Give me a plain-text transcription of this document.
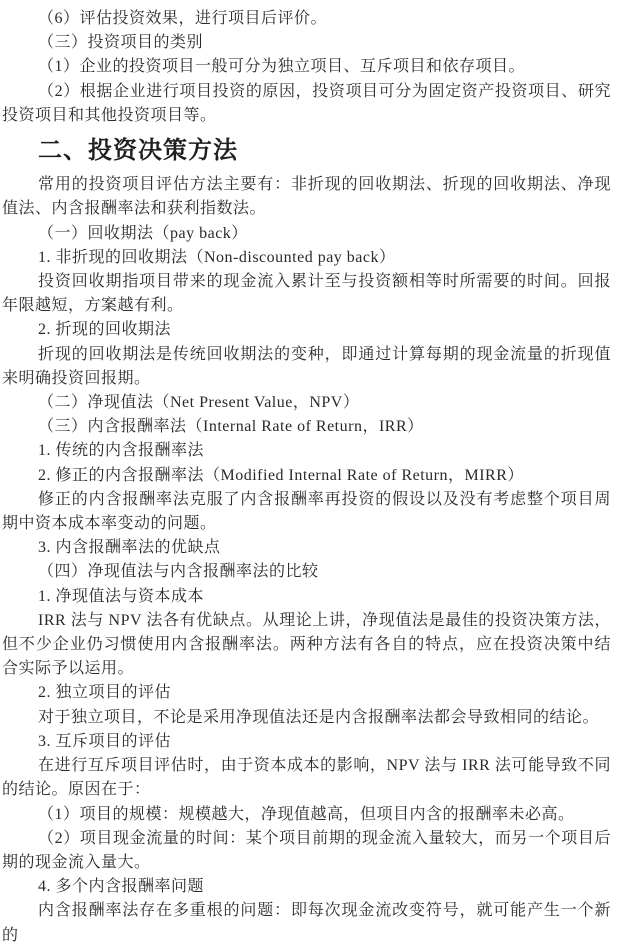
（6）评估投资效果，进行项目后评价。

（三）投资项目的类别

（1）企业的投资项目一般可分为独立项目、互斥项目和依存项目。

（2）根据企业进行项目投资的原因，投资项目可分为固定资产投资项目、研究投资项目和其他投资项目等。

二、投资决策方法

常用的投资项目评估方法主要有：非折现的回收期法、折现的回收期法、净现值法、内含报酬率法和获利指数法。

（一）回收期法（pay back）

1. 非折现的回收期法（Non-discounted pay back）

投资回收期指项目带来的现金流入累计至与投资额相等时所需要的时间。回报年限越短，方案越有利。

2. 折现的回收期法

折现的回收期法是传统回收期法的变种，即通过计算每期的现金流量的折现值来明确投资回报期。

（二）净现值法（Net Present Value，NPV）

（三）内含报酬率法（Internal Rate of Return，IRR）

1. 传统的内含报酬率法

2. 修正的内含报酬率法（Modified Internal Rate of Return，MIRR）

修正的内含报酬率法克服了内含报酬率再投资的假设以及没有考虑整个项目周期中资本成本率变动的问题。

3. 内含报酬率法的优缺点

（四）净现值法与内含报酬率法的比较

1. 净现值法与资本成本

IRR 法与 NPV 法各有优缺点。从理论上讲，净现值法是最佳的投资决策方法，但不少企业仍习惯使用内含报酬率法。两种方法有各自的特点，应在投资决策中结合实际予以运用。

2. 独立项目的评估

对于独立项目，不论是采用净现值法还是内含报酬率法都会导致相同的结论。

3. 互斥项目的评估

在进行互斥项目评估时，由于资本成本的影响，NPV 法与 IRR 法可能导致不同的结论。原因在于：

（1）项目的规模：规模越大，净现值越高，但项目内含的报酬率未必高。

（2）项目现金流量的时间：某个项目前期的现金流入量较大，而另一个项目后期的现金流入量大。

4. 多个内含报酬率问题

内含报酬率法存在多重根的问题：即每次现金流改变符号，就可能产生一个新的
